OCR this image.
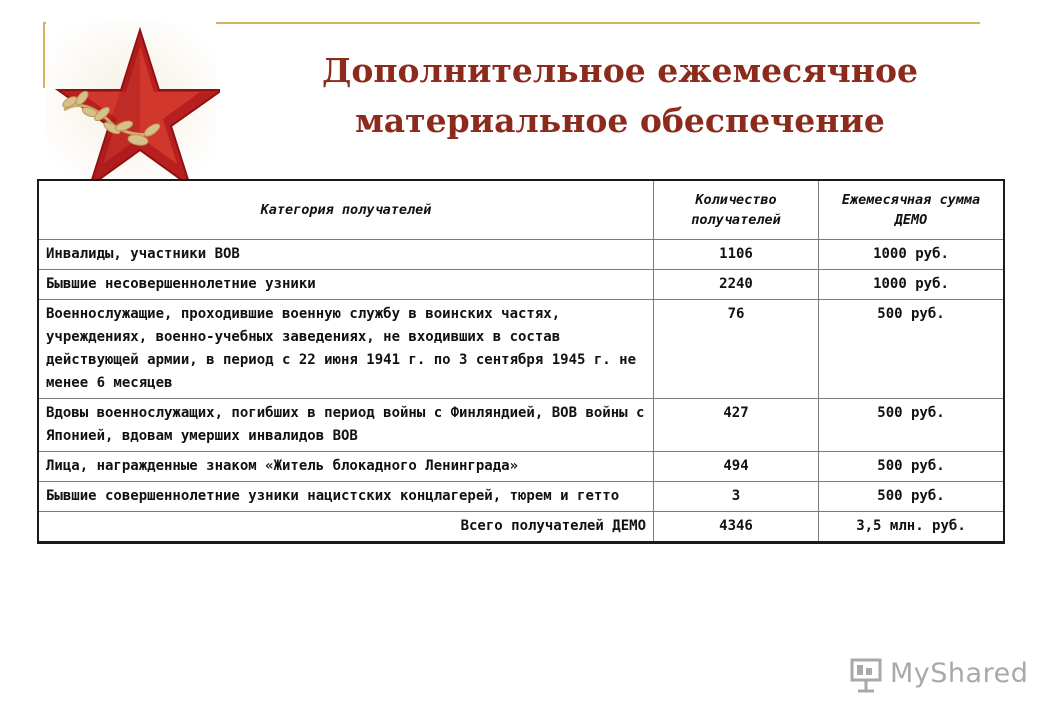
Дополнительное ежемесячное
материальное обеспечение
Категория получателей	Количество получателей	Ежемесячная сумма ДЕМО
Инвалиды, участники ВОВ	1106	1000 руб.
Бывшие несовершеннолетние узники	2240	1000 руб.
Военнослужащие, проходившие военную службу в воинских частях, учреждениях, военно-учебных заведениях, не входивших в состав действующей армии, в период с 22 июня 1941 г. по 3 сентября 1945 г. не менее 6 месяцев	76	500 руб.
Вдовы военнослужащих, погибших в период войны с Финляндией, ВОВ войны с Японией, вдовам умерших инвалидов ВОВ	427	500 руб.
Лица, награжденные знаком «Житель блокадного Ленинграда»	494	500 руб.
Бывшие совершеннолетние узники нацистских концлагерей, тюрем и гетто	3	500 руб.
Всего получателей ДЕМО	4346	3,5 млн. руб.
MyShared
